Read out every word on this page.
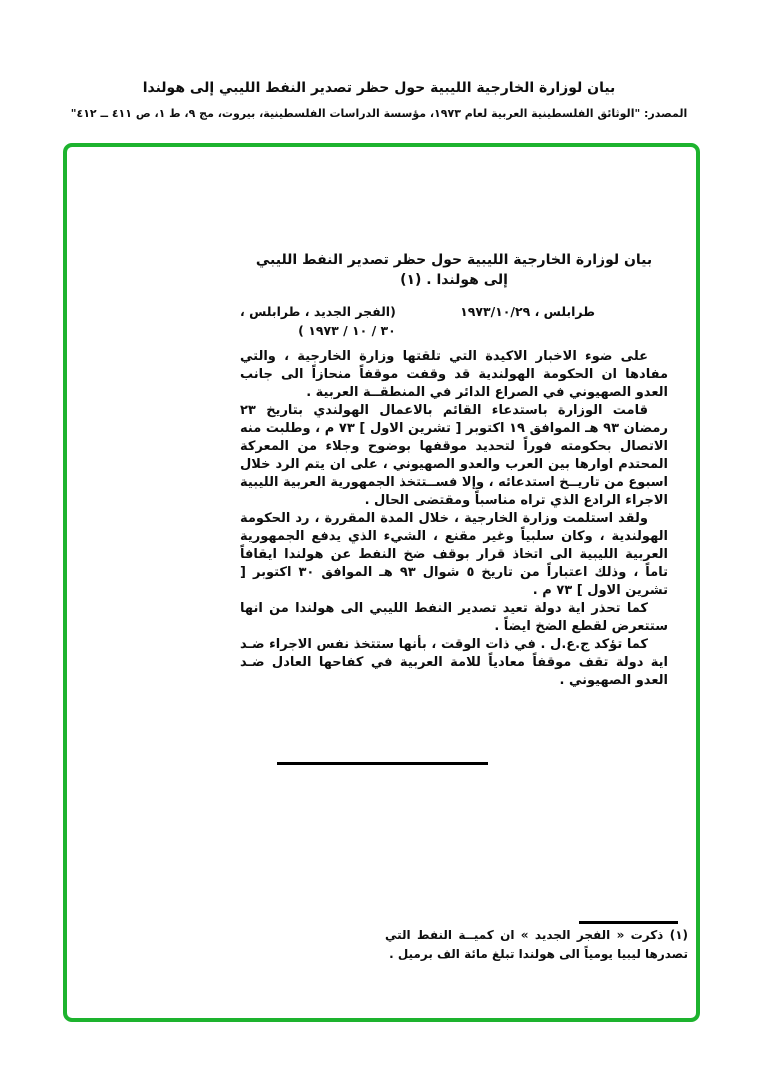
بيان لوزارة الخارجية الليبية حول حظر تصدير النفط الليبي إلى هولندا
المصدر: "الوثائق الفلسطينية العربية لعام ١٩٧٣، مؤسسة الدراسات الفلسطينية، بيروت، مج ٩، ط ١، ص ٤١١ ــ ٤١٢"
بيان لوزارة الخارجية الليبية حول حظر تصدير النفط الليبي
إلى هولندا . (١)
طرابلس ، ١٩٧٣/١٠/٢٩
(الفجر الجديد ، طرابلس ،
٣٠ / ١٠ / ١٩٧٣ )

على ضوء الاخبار الاكيدة التي تلقتها وزارة الخارجية ، والتي مفادها ان الحكومة الهولندية قد وقفت موقفاً منحازاً الى جانب العدو الصهيوني في الصراع الدائر في المنطقــة العربية .

قامت الوزارة باستدعاء القائم بالاعمال الهولندي بتاريخ ٢٣ رمضان ٩٣ هـ الموافق ١٩ اكتوبر [ تشرين الاول ] ٧٣ م ، وطلبت منه الاتصال بحكومته فوراً لتحديد موقفها بوضوح وجلاء من المعركة المحتدم اوارها بين العرب والعدو الصهيوني ، على ان يتم الرد خلال اسبوع من تاريــخ استدعائه ، وإلا فســتتخذ الجمهورية العربية الليبية الاجراء الرادع الذي تراه مناسباً ومقتضى الحال .

ولقد استلمت وزارة الخارجية ، خلال المدة المقررة ، رد الحكومة الهولندية ، وكان سلبياً وغير مقنع ، الشيء الذي يدفع الجمهورية العربية الليبية الى اتخاذ قرار بوقف ضخ النفط عن هولندا ايقافاً تاماً ، وذلك اعتباراً من تاريخ ٥ شوال ٩٣ هـ الموافق ٣٠ اكتوبر [ تشرين الاول ] ٧٣ م .

كما تحذر اية دولة تعيد تصدير النفط الليبي الى هولندا من انها ستتعرض لقطع الضخ ايضاً .

كما تؤكد ج.ع.ل . في ذات الوقت ، بأنها ستتخذ نفس الاجراء ضـد اية دولة تقف موقفاً معادياً للامة العربية في كفاحها العادل ضـد العدو الصهيوني .

(١) ذكرت « الفجر الجديد » ان كميــة النفط التي تصدرها ليبيا يومياً الى هولندا تبلغ مائة الف برميل .
